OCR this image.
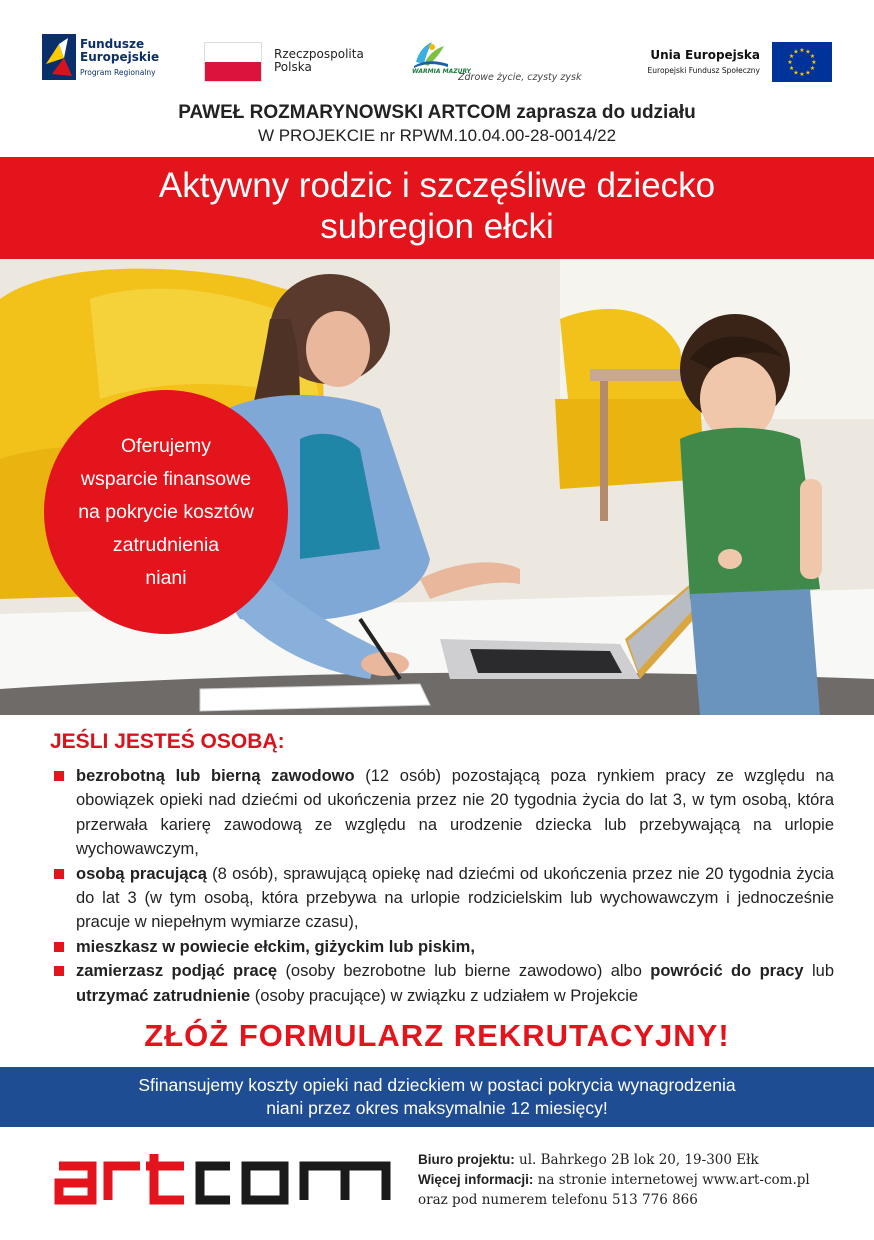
Fundusze
Europejskie
Program Regionalny
Rzeczpospolita
Polska	WARMIA MAZURY
Zdrowe życie, czysty zysk
Unia Europejska
Europejski Fundusz Społeczny
★ ★
★
★
★
★
★
★
★
★
★
★
PAWEŁ ROZMARYNOWSKI ARTCOM zaprasza do udziału
W PROJEKCIE nr RPWM.10.04.00-28-0014/22
Aktywny rodzic i szczęśliwe dziecko
subregion ełcki
Oferujemy
wsparcie finansowe
na pokrycie kosztów
zatrudnienia
niani
JEŚLI JESTEŚ OSOBĄ:
bezrobotną lub bierną zawodowo (12 osób) pozostającą poza rynkiem pracy ze względu na obowiązek opieki nad dziećmi od ukończenia przez nie 20 tygodnia życia do lat 3, w tym osobą, która przerwała karierę zawodową ze względu na urodzenie dziecka lub przebywającą na urlopie wychowawczym,
osobą pracującą (8 osób), sprawującą opiekę nad dziećmi od ukończenia przez nie 20 tygodnia życia do lat 3 (w tym osobą, która przebywa na urlopie rodzicielskim lub wychowawczym i jednocześnie pracuje w niepełnym wymiarze czasu),
mieszkasz w powiecie ełckim, giżyckim lub piskim,
zamierzasz podjąć pracę (osoby bezrobotne lub bierne zawodowo) albo powrócić do pracy lub utrzymać zatrudnienie (osoby pracujące) w związku z udziałem w Projekcie
ZŁÓŻ FORMULARZ REKRUTACYJNY!
Sfinansujemy koszty opieki nad dzieckiem w postaci pokrycia wynagrodzenia
niani przez okres maksymalnie 12 miesięcy!
artcom
Biuro projektu: ul. Bahrkego 2B lok 20, 19-300 Ełk
Więcej informacji: na stronie internetowej www.art-com.pl
oraz pod numerem telefonu 513 776 866
